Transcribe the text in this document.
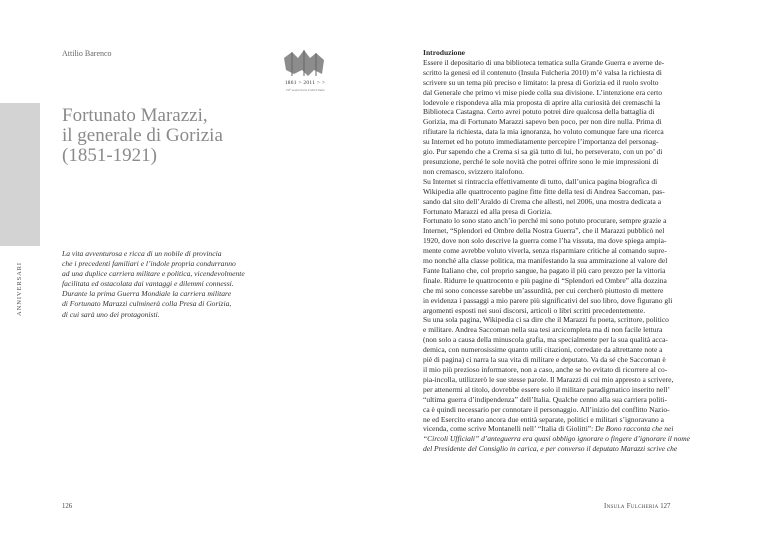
ANNIVERSARI
Attilio Barenco
Fortunato Marazzi,
il generale di Gorizia
(1851-1921)
La vita avventurosa e ricca di un nobile di provincia
che i precedenti familiari e l’indole propria condurranno
ad una duplice carriera militare e politica, vicendevolmente
facilitata ed ostacolata dai vantaggi e dilemmi connessi.
Durante la prima Guerra Mondiale la carriera militare
di Fortunato Marazzi culminerà colla Presa di Gorizia,
di cui sarà uno dei protagonisti.
126
1861 > 2011 > >
150° anniversario Unità d’Italia
Introduzione

Essere il depositario di una biblioteca tematica sulla Grande Guerra e averne de-

scritto la genesi ed il contenuto (Insula Fulcheria 2010) m’è valsa la richiesta di

scrivere su un tema più preciso e limitato: la presa di Gorizia ed il ruolo svolto

dal Generale che primo vi mise piede colla sua divisione. L’intenzione era certo

lodevole e rispondeva alla mia proposta di aprire alla curiosità dei cremaschi la

Biblioteca Castagna. Certo avrei potuto potrei dire qualcosa della battaglia di

Gorizia, ma di Fortunato Marazzi sapevo ben poco, per non dire nulla. Prima di

rifiutare la richiesta, data la mia ignoranza, ho voluto comunque fare una ricerca

su Internet ed ho potuto immediatamente percepire l’importanza del personag-

gio. Pur sapendo che a Crema si sa già tutto di lui, ho perseverato, con un po’ di

presunzione, perché le sole novità che potrei offrire sono le mie impressioni di

non cremasco, svizzero italofono.

Su Internet si rintraccia effettivamente di tutto, dall’unica pagina biografica di

Wikipedia alle quattrocento pagine fitte fitte della tesi di Andrea Saccoman, pas-

sando dal sito dell’Araldo di Crema che allestì, nel 2006, una mostra dedicata a

Fortunato Marazzi ed alla presa di Gorizia.

Fortunato lo sono stato anch’io perché mi sono potuto procurare, sempre grazie a

Internet, “Splendori ed Ombre della Nostra Guerra”, che il Marazzi pubblicò nel

1920, dove non solo descrive la guerra come l’ha vissuta, ma dove spiega ampia-

mente come avrebbe voluto viverla, senza risparmiare critiche al comando supre-

mo nonché alla classe politica, ma manifestando la sua ammirazione al valore del

Fante Italiano che, col proprio sangue, ha pagato il più caro prezzo per la vittoria

finale. Ridurre le quattrocento e più pagine di “Splendori ed Ombre” alla dozzina

che mi sono concesse sarebbe un’assurdità, per cui cercherò piuttosto di mettere

in evidenza i passaggi a mio parere più significativi del suo libro, dove figurano gli

argomenti esposti nei suoi discorsi, articoli o libri scritti precedentemente.

Su una sola pagina, Wikipedia ci sa dire che il Marazzi fu poeta, scrittore, politico

e militare. Andrea Saccoman nella sua tesi arcicompleta ma di non facile lettura

(non solo a causa della minuscola grafia, ma specialmente per la sua qualità acca-

demica, con numerosissime quanto utili citazioni, corredate da altrettante note a

piè di pagina) ci narra la sua vita di militare e deputato. Va da sé che Saccoman è

il mio più prezioso informatore, non a caso, anche se ho evitato di ricorrere al co-

pia-incolla, utilizzerò le sue stesse parole. Il Marazzi di cui mio appresto a scrivere,

per attenermi al titolo, dovrebbe essere solo il militare paradigmatico inserito nell’

“ultima guerra d’indipendenza” dell’Italia. Qualche cenno alla sua carriera politi-

ca è quindi necessario per connotare il personaggio. All’inizio del conflitto Nazio-

ne ed Esercito erano ancora due entità separate, politici e militari s’ignoravano a

vicenda, come scrive Montanelli nell’ “Italia di Giolitti”: De Bono racconta che nei

“Circoli Ufficiali” d’anteguerra era quasi obbligo ignorare o fingere d’ignorare il nome

del Presidente del Consiglio in carica, e per converso il deputato Marazzi scrive che

Insula Fulcheria 127
